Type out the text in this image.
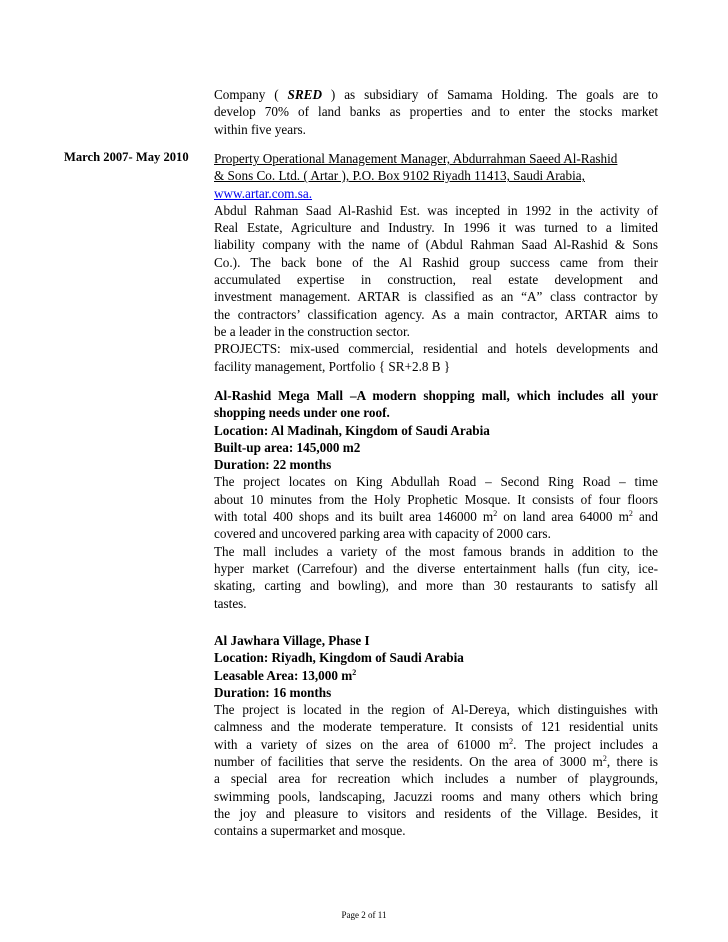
Company ( SRED ) as subsidiary of Samama Holding. The goals are to
develop 70% of land banks as properties and to enter the stocks market
within five years.
March 2007- May 2010 Property Operational Management Manager, Abdurrahman Saeed Al-Rashid
& Sons Co. Ltd. ( Artar ), P.O. Box 9102 Riyadh 11413, Saudi Arabia,
www.artar.com.sa.
Abdul Rahman Saad Al-Rashid Est. was incepted in 1992 in the activity of
Real Estate, Agriculture and Industry. In 1996 it was turned to a limited
liability company with the name of (Abdul Rahman Saad Al-Rashid & Sons
Co.). The back bone of the Al Rashid group success came from their
accumulated expertise in construction, real estate development and
investment management. ARTAR is classified as an “A” class contractor by
the contractors’ classification agency. As a main contractor, ARTAR aims to
be a leader in the construction sector.
PROJECTS: mix-used commercial, residential and hotels developments and
facility management, Portfolio { SR+2.8 B }
Al-Rashid Mega Mall –A modern shopping mall, which includes all your
shopping needs under one roof.
Location: Al Madinah, Kingdom of Saudi Arabia
Built-up area: 145,000 m2
Duration: 22 months
The project locates on King Abdullah Road – Second Ring Road – time
about 10 minutes from the Holy Prophetic Mosque. It consists of four floors
with total 400 shops and its built area 146000 $m^2$ on land area 64000 $m^2$ and
covered and uncovered parking area with capacity of 2000 cars.
The mall includes a variety of the most famous brands in addition to the
hyper market (Carrefour) and the diverse entertainment halls (fun city, ice-
skating, carting and bowling), and more than 30 restaurants to satisfy all
tastes.
Al Jawhara Village, Phase I
Location: Riyadh, Kingdom of Saudi Arabia
Leasable Area: 13,000 $m^2$
Duration: 16 months
The project is located in the region of Al-Dereya, which distinguishes with
calmness and the moderate temperature. It consists of 121 residential units
with a variety of sizes on the area of 61000 $m^2$. The project includes a
number of facilities that serve the residents. On the area of 3000 $m^2$, there is
a special area for recreation which includes a number of playgrounds,
swimming pools, landscaping, Jacuzzi rooms and many others which bring
the joy and pleasure to visitors and residents of the Village. Besides, it
contains a supermarket and mosque.
Page 2 of 11
